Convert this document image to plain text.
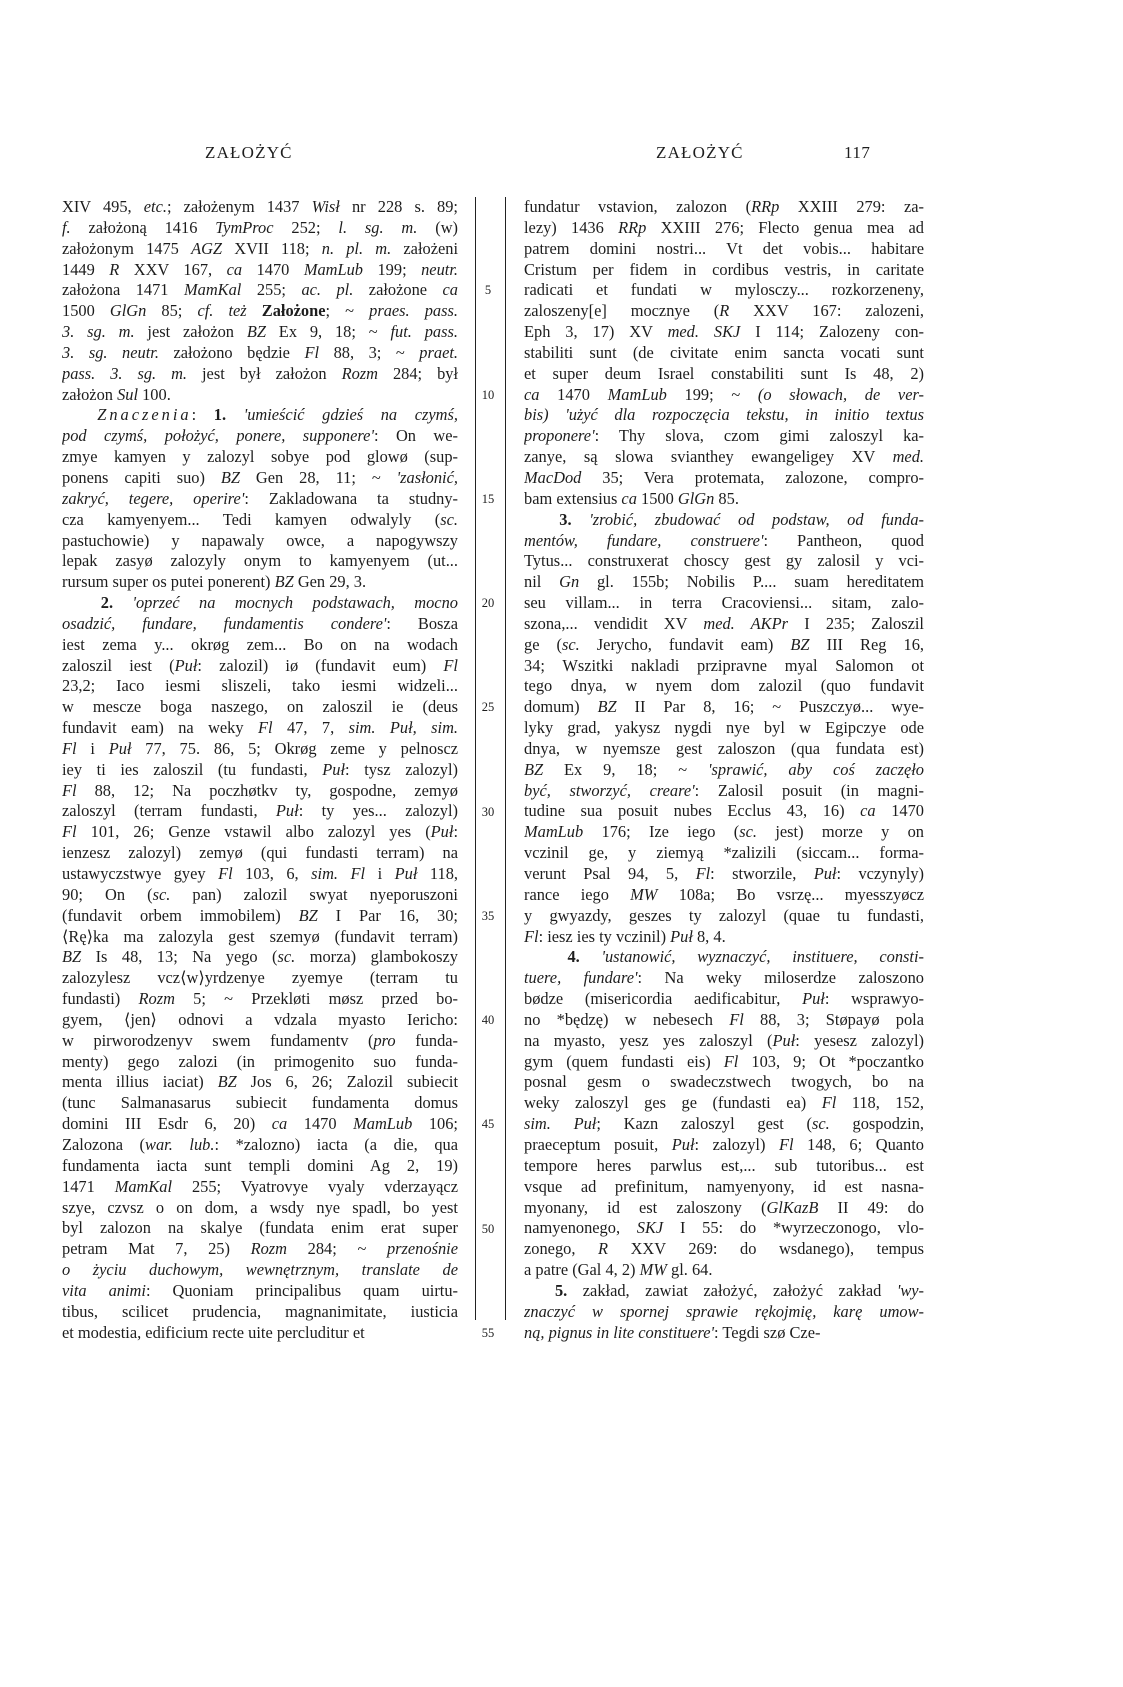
ZAŁOŻYĆ	ZAŁOŻYĆ	117
XIV 495, etc.; założenym 1437 Wisł nr 228 s. 89;
f. założoną 1416 TymProc 252; l. sg. m. (w)
założonym 1475 AGZ XVII 118; n. pl. m. założeni
1449 R XXV 167, ca 1470 MamLub 199; neutr.
założona 1471 MamKal 255; ac. pl. założone ca
1500 GlGn 85; cf. też Założone; ~ praes. pass.
3. sg. m. jest założon BZ Ex 9, 18; ~ fut. pass.
3. sg. neutr. założono będzie Fl 88, 3; ~ praet.
pass. 3. sg. m. jest był założon Rozm 284; był
założon Sul 100.
Znaczenia: 1. 'umieścić gdzieś na czymś,
pod czymś, położyć, ponere, supponere': On we-
zmye kamyen y zalozyl sobye pod glowø (sup-
ponens capiti suo) BZ Gen 28, 11; ~ 'zasłonić,
zakryć, tegere, operire': Zakladowana ta studny-
cza kamyenyem... Tedi kamyen odwalyly (sc.
pastuchowie) y napawaly owce, a napogywszy
lepak zasyø zalozyly onym to kamyenyem (ut...
rursum super os putei ponerent) BZ Gen 29, 3.
2. 'oprzeć na mocnych podstawach, mocno
osadzić, fundare, fundamentis condere': Bosza
iest zema y... okrøg zem... Bo on na wodach
zaloszil iest (Puł: zalozil) iø (fundavit eum) Fl
23,2; Iaco iesmi sliszeli, tako iesmi widzeli...
w mescze boga naszego, on zaloszil ie (deus
fundavit eam) na weky Fl 47, 7, sim. Puł, sim.
Fl i Puł 77, 75. 86, 5; Okrøg zeme y pelnoscz
iey ti ies zaloszil (tu fundasti, Puł: tysz zalozyl)
Fl 88, 12; Na poczhøtkv ty, gospodne, zemyø
zaloszyl (terram fundasti, Puł: ty yes... zalozyl)
Fl 101, 26; Genze vstawil albo zalozyl yes (Puł:
ienzesz zalozyl) zemyø (qui fundasti terram) na
ustawyczstwye gyey Fl 103, 6, sim. Fl i Puł 118,
90; On (sc. pan) zalozil swyat nyeporuszoni
(fundavit orbem immobilem) BZ I Par 16, 30;
⟨Rę⟩ka ma zalozyla gest szemyø (fundavit terram)
BZ Is 48, 13; Na yego (sc. morza) glambokoszy
zalozylesz vcz⟨w⟩yrdzenye zyemye (terram tu
fundasti) Rozm 5; ~ Przekløti møsz przed bo-
gyem, ⟨jen⟩ odnovi a vdzala myasto Iericho:
w pirworodzenyv swem fundamentv (pro funda-
menty) gego zalozi (in primogenito suo funda-
menta illius iaciat) BZ Jos 6, 26; Zalozil subiecit
(tunc Salmanasarus subiecit fundamenta domus
domini III Esdr 6, 20) ca 1470 MamLub 106;
Zalozona (war. lub.: *zalozno) iacta (a die, qua
fundamenta iacta sunt templi domini Ag 2, 19)
1471 MamKal 255; Vyatrovye vyaly vderzayącz
szye, czvsz o on dom, a wsdy nye spadl, bo yest
byl zalozon na skalye (fundata enim erat super
petram Mat 7, 25) Rozm 284; ~ przenośnie
o życiu duchowym, wewnętrznym, translate de
vita animi: Quoniam principalibus quam uirtu-
tibus, scilicet prudencia, magnanimitate, iusticia
et modestia, edificium recte uite percluditur et
5
10
15
20
25
30
35
40
45
50
55
fundatur vstavion, zalozon (RRp XXIII 279: za-
lezy) 1436 RRp XXIII 276; Flecto genua mea ad
patrem domini nostri... Vt det vobis... habitare
Cristum per fidem in cordibus vestris, in caritate
radicati et fundati w mylosczy... rozkorzeneny,
zaloszeny[e] mocznye (R XXV 167: zalozeni,
Eph 3, 17) XV med. SKJ I 114; Zalozeny con-
stabiliti sunt (de civitate enim sancta vocati sunt
et super deum Israel constabiliti sunt Is 48, 2)
ca 1470 MamLub 199; ~ (o słowach, de ver-
bis) 'użyć dla rozpoczęcia tekstu, in initio textus
proponere': Thy slova, czom gimi zaloszyl ka-
zanye, są slowa svianthey ewangeligey XV med.
MacDod 35; Vera protemata, zalozone, compro-
bam extensius ca 1500 GlGn 85.
3. 'zrobić, zbudować od podstaw, od funda-
mentów, fundare, construere': Pantheon, quod
Tytus... construxerat choscy gest gy zalosil y vci-
nil Gn gl. 155b; Nobilis P.... suam hereditatem
seu villam... in terra Cracoviensi... sitam, zalo-
szona,... vendidit XV med. AKPr I 235; Zaloszil
ge (sc. Jerycho, fundavit eam) BZ III Reg 16,
34; Wszitki nakladi przipravne myal Salomon ot
tego dnya, w nyem dom zalozil (quo fundavit
domum) BZ II Par 8, 16; ~ Puszczyø... wye-
lyky grad, yakysz nygdi nye byl w Egipczye ode
dnya, w nyemsze gest zaloszon (qua fundata est)
BZ Ex 9, 18; ~ 'sprawić, aby coś zaczęło
być, stworzyć, creare': Zalosil posuit (in magni-
tudine sua posuit nubes Ecclus 43, 16) ca 1470
MamLub 176; Ize iego (sc. jest) morze y on
vczinil ge, y ziemyą *zalizili (siccam... forma-
verunt Psal 94, 5, Fl: stworzile, Puł: vczynyly)
rance iego MW 108a; Bo vsrzę... myesszyøcz
y gwyazdy, geszes ty zalozyl (quae tu fundasti,
Fl: iesz ies ty vczinil) Puł 8, 4.
4. 'ustanowić, wyznaczyć, instituere, consti-
tuere, fundare': Na weky miloserdze zaloszono
bødze (misericordia aedificabitur, Puł: wsprawyo-
no *będzę) w nebesech Fl 88, 3; Støpayø pola
na myasto, yesz yes zaloszyl (Puł: yesesz zalozyl)
gym (quem fundasti eis) Fl 103, 9; Ot *poczantko
posnal gesm o swadeczstwech twogych, bo na
weky zaloszyl ges ge (fundasti ea) Fl 118, 152,
sim. Puł; Kazn zaloszyl gest (sc. gospodzin,
praeceptum posuit, Puł: zalozyl) Fl 148, 6; Quanto
tempore heres parwlus est,... sub tutoribus... est
vsque ad prefinitum, namyenyony, id est nasna-
myonany, id est zaloszony (GlKazB II 49: do
namyenonego, SKJ I 55: do *wyrzeczonogo, vlo-
zonego, R XXV 269: do wsdanego), tempus
a patre (Gal 4, 2) MW gl. 64.
5. zakład, zawiat założyć, założyć zakład 'wy-
znaczyć w spornej sprawie rękojmię, karę umow-
ną, pignus in lite constituere': Tegdi szø Cze-
